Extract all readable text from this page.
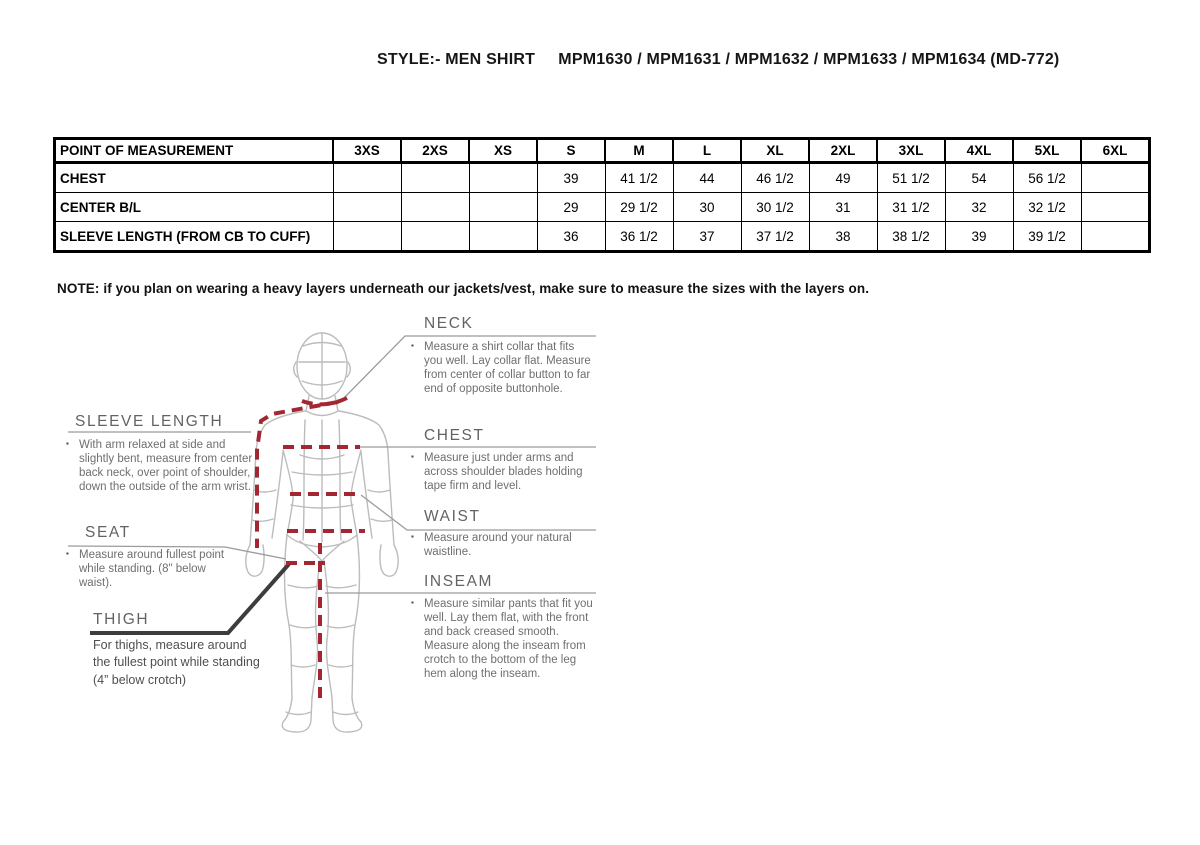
STYLE:- MEN SHIRT     MPM1630 / MPM1631 / MPM1632 / MPM1633 / MPM1634 (MD-772)
POINT OF MEASUREMENT	3XS	2XS	XS	S	M	L	XL	2XL	3XL	4XL	5XL	6XL
CHEST				39	41 1/2	44	46 1/2	49	51 1/2	54	56 1/2	
CENTER B/L				29	29 1/2	30	30 1/2	31	31 1/2	32	32 1/2	
SLEEVE LENGTH (FROM CB TO CUFF)				36	36 1/2	37	37 1/2	38	38 1/2	39	39 1/2	
NOTE: if you plan on wearing a heavy layers underneath our jackets/vest, make sure to measure the sizes with the layers on.
NECK
▪ Measure a shirt collar that fits you well. Lay collar flat. Measure from center of collar button to far end of opposite buttonhole.
CHEST
▪ Measure just under arms and across shoulder blades holding tape firm and level.
WAIST
▪ Measure around your natural waistline.
INSEAM
▪ Measure similar pants that fit you well. Lay them flat, with the front and back creased smooth. Measure along the inseam from crotch to the bottom of the leg hem along the inseam.
SLEEVE LENGTH
▪ With arm relaxed at side and slightly bent, measure from center back neck, over point of shoulder, down the outside of the arm wrist.
SEAT
▪ Measure around fullest point while standing. (8" below waist).
THIGH
For thighs, measure around the fullest point while standing (4” below crotch)
